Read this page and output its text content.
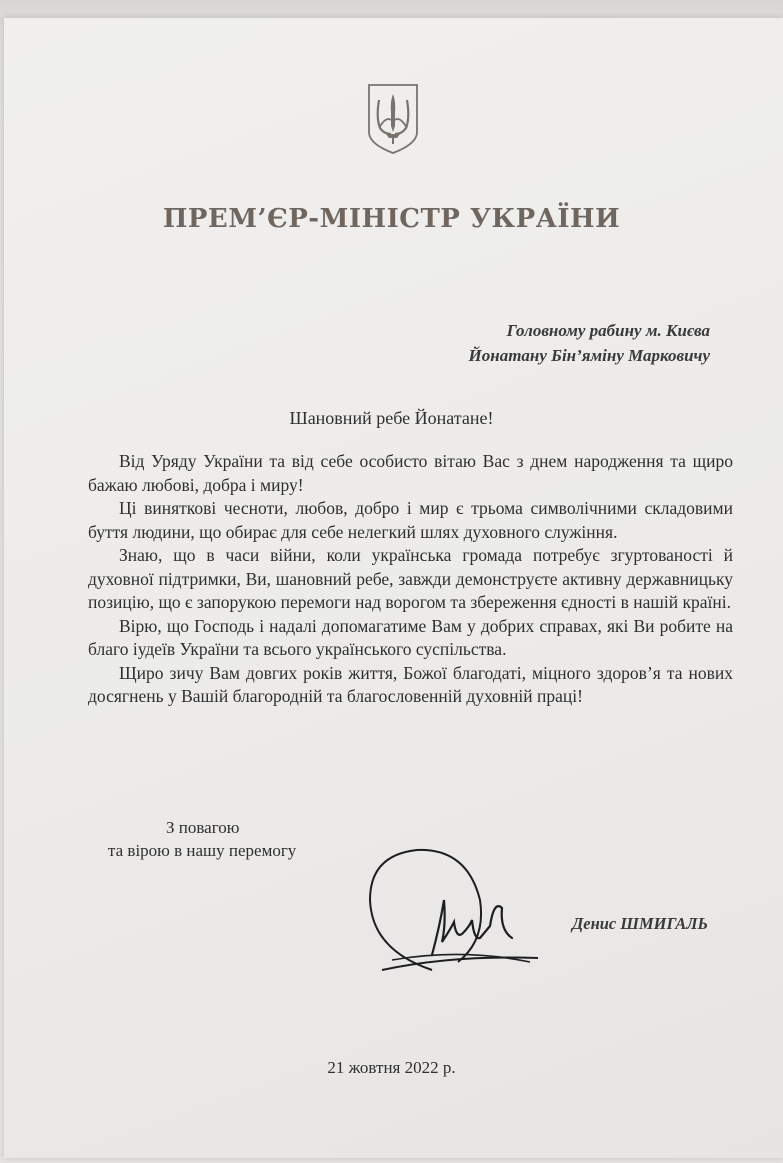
ПРЕМ’ЄР-МІНІСТР УКРАЇНИ
Головному рабину м. Києва
Йонатану Бін’яміну Марковичу
Шановний ребе Йонатане!

Від Уряду України та від себе особисто вітаю Вас з днем народження та щиро бажаю любові, добра і миру!

Ці виняткові чесноти, любов, добро і мир є трьома символічними складовими буття людини, що обирає для себе нелегкий шлях духовного служіння.

Знаю, що в часи війни, коли українська громада потребує згуртованості й духовної підтримки, Ви, шановний ребе, завжди демонструєте активну державницьку позицію, що є запорукою перемоги над ворогом та збереження єдності в нашій країні.

Вірю, що Господь і надалі допомагатиме Вам у добрих справах, які Ви робите на благо іудеїв України та всього українського суспільства.

Щиро зичу Вам довгих років життя, Божої благодаті, міцного здоров’я та нових досягнень у Вашій благородній та благословенній духовній праці!

З повагою
та вірою в нашу перемогу
Денис ШМИГАЛЬ
21 жовтня 2022 р.
